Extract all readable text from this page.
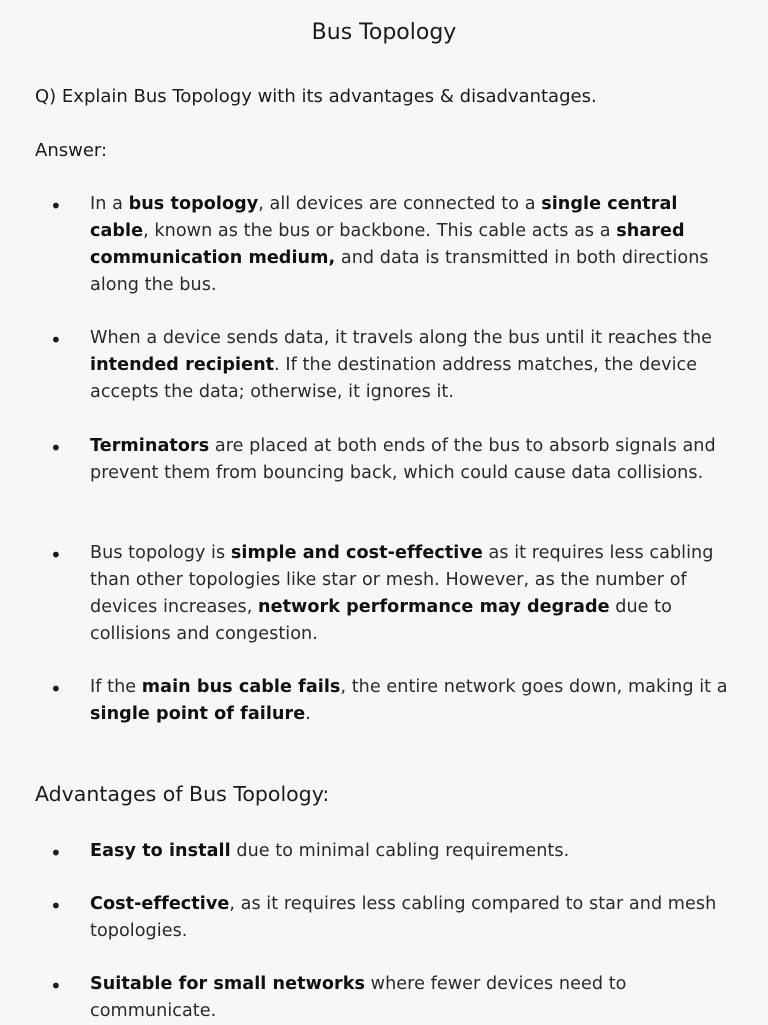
Bus Topology
Q) Explain Bus Topology with its advantages & disadvantages.
Answer:
• In a bus topology, all devices are connected to a single central cable, known as the bus or backbone. This cable acts as a shared communication medium, and data is transmitted in both directions along the bus.
• When a device sends data, it travels along the bus until it reaches the intended recipient. If the destination address matches, the device accepts the data; otherwise, it ignores it.
• Terminators are placed at both ends of the bus to absorb signals and prevent them from bouncing back, which could cause data collisions.
• Bus topology is simple and cost-effective as it requires less cabling than other topologies like star or mesh. However, as the number of devices increases, network performance may degrade due to collisions and congestion.
• If the main bus cable fails, the entire network goes down, making it a single point of failure.
Advantages of Bus Topology:
• Easy to install due to minimal cabling requirements.
• Cost-effective, as it requires less cabling compared to star and mesh topologies.
• Suitable for small networks where fewer devices need to communicate.
